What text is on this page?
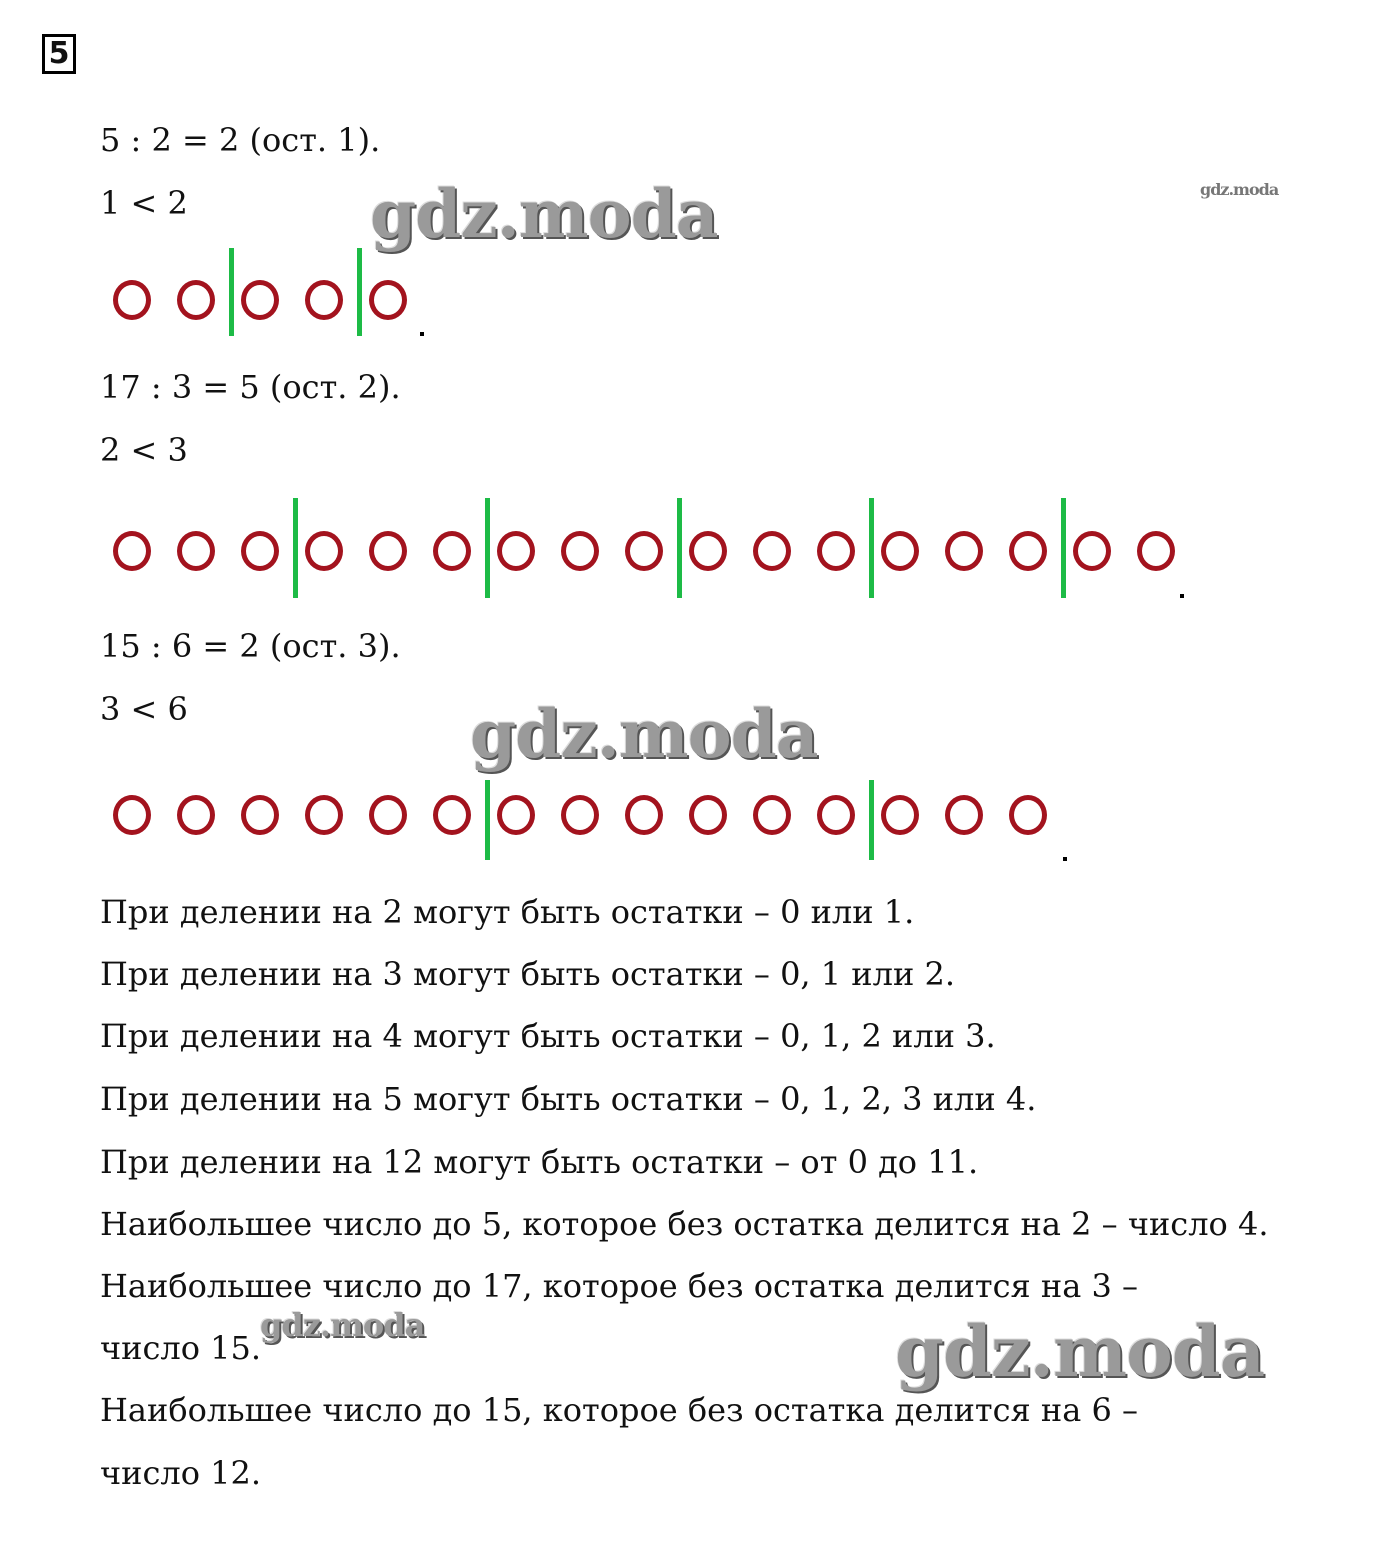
5
5 : 2 = 2 (ост. 1).
1 < 2
17 : 3 = 5 (ост. 2).
2 < 3
15 : 6 = 2 (ост. 3).
3 < 6
При делении на 2 могут быть остатки – 0 или 1.
При делении на 3 могут быть остатки – 0, 1 или 2.
При делении на 4 могут быть остатки – 0, 1, 2 или 3.
При делении на 5 могут быть остатки – 0, 1, 2, 3 или 4.
При делении на 12 могут быть остатки – от 0 до 11.
Наибольшее число до 5, которое без остатка делится на 2 – число 4.
Наибольшее число до 17, которое без остатка делится на 3 –
число 15.
Наибольшее число до 15, которое без остатка делится на 6 –
число 12.
gdz.moda	gdz.moda
gdz.moda
gdz.moda	gdz.moda
